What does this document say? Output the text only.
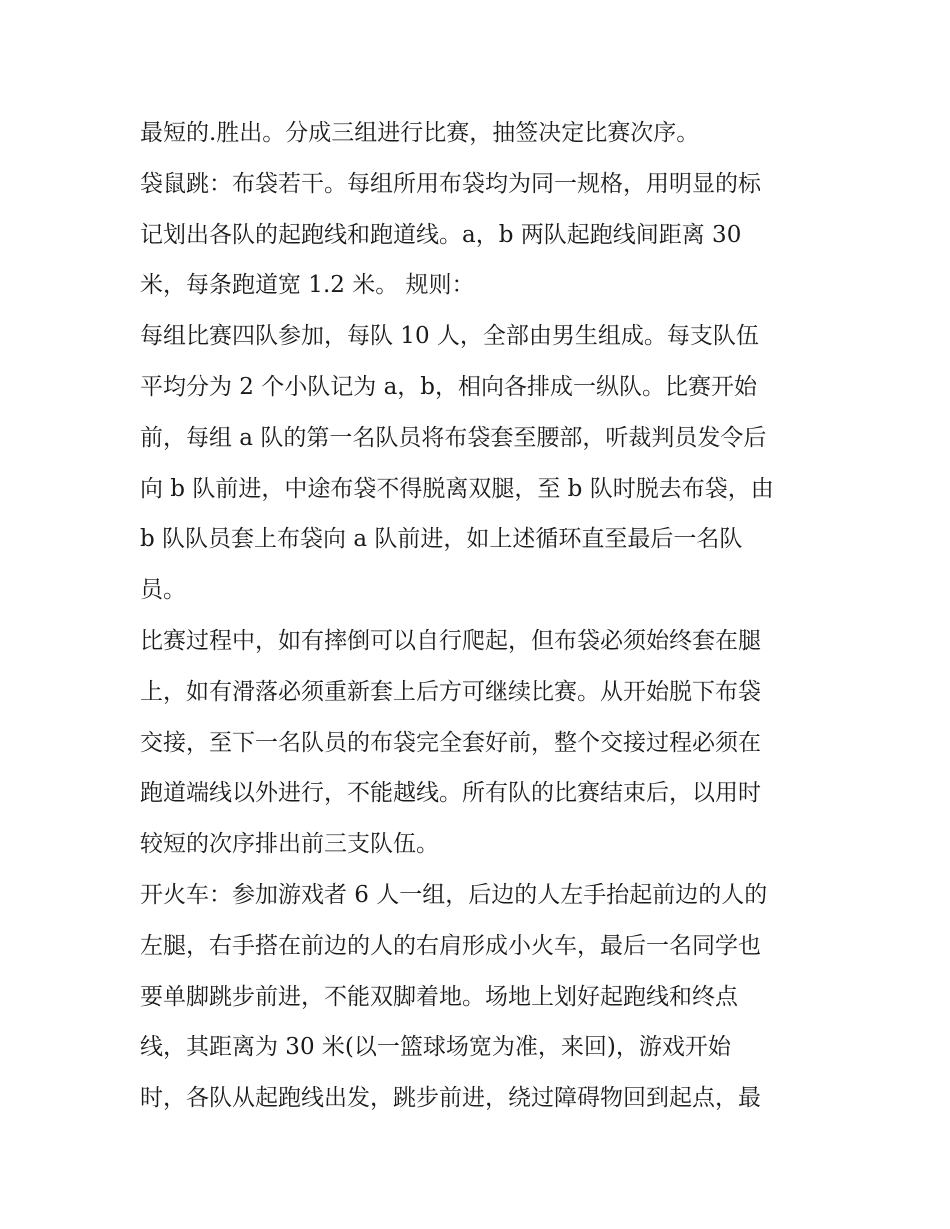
最短的.胜出。分成三组进行比赛，抽签决定比赛次序。
袋鼠跳：布袋若干。每组所用布袋均为同一规格，用明显的标
记划出各队的起跑线和跑道线。a，b 两队起跑线间距离 30
米，每条跑道宽 1.2 米。 规则：
每组比赛四队参加，每队 10 人，全部由男生组成。每支队伍
平均分为 2 个小队记为 a，b，相向各排成一纵队。比赛开始
前，每组 a 队的第一名队员将布袋套至腰部，听裁判员发令后
向 b 队前进，中途布袋不得脱离双腿，至 b 队时脱去布袋，由
b 队队员套上布袋向 a 队前进，如上述循环直至最后一名队
员。
比赛过程中，如有摔倒可以自行爬起，但布袋必须始终套在腿
上，如有滑落必须重新套上后方可继续比赛。从开始脱下布袋
交接，至下一名队员的布袋完全套好前，整个交接过程必须在
跑道端线以外进行，不能越线。所有队的比赛结束后，以用时
较短的次序排出前三支队伍。
开火车：参加游戏者 6 人一组，后边的人左手抬起前边的人的
左腿，右手搭在前边的人的右肩形成小火车，最后一名同学也
要单脚跳步前进，不能双脚着地。场地上划好起跑线和终点
线，其距离为 30 米(以一篮球场宽为准，来回)，游戏开始
时，各队从起跑线出发，跳步前进，绕过障碍物回到起点，最
